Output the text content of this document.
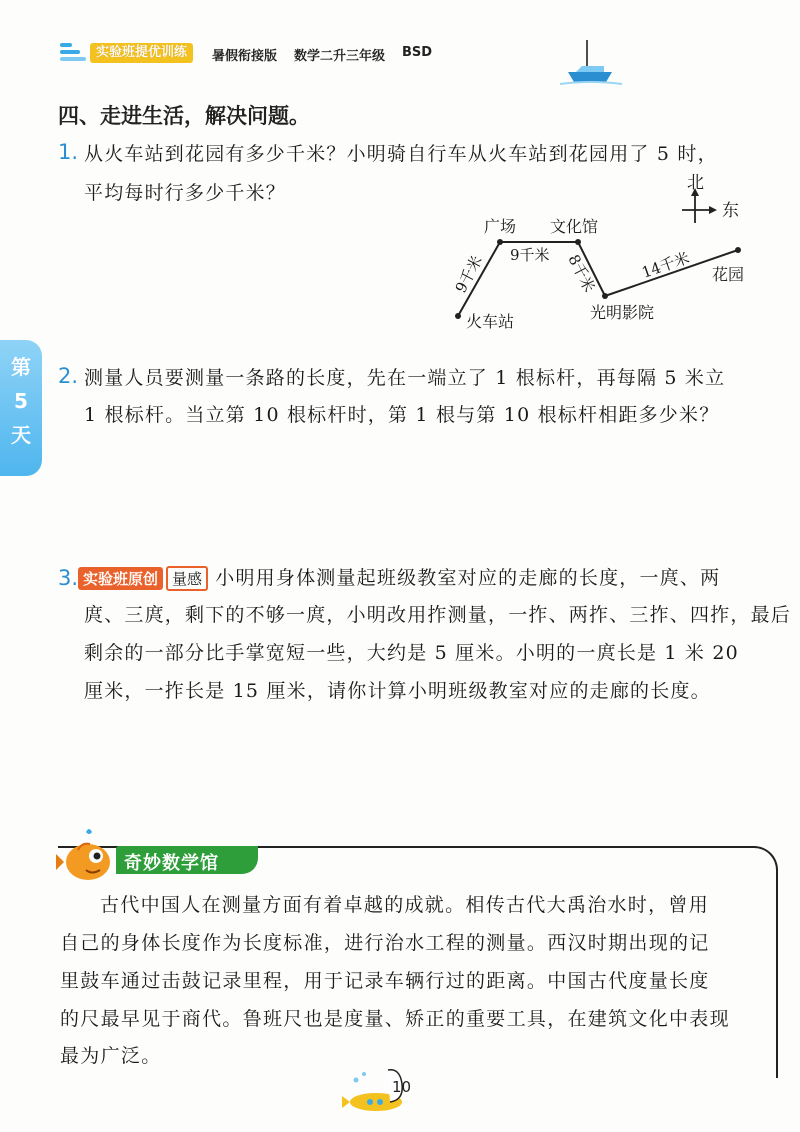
实验班提优训练	暑假衔接版 数学二升三年级 BSD
第5天
四、走进生活，解决问题。
1. 从火车站到花园有多少千米？小明骑自行车从火车站到花园用了 5 时，
平均每时行多少千米？	北
东
广场 文化馆
火车站	光明影院
花园
9千米 9千米 8千米	14千米
2. 测量人员要测量一条路的长度，先在一端立了 1 根标杆，再每隔 5 米立
1 根标杆。当立第 10 根标杆时，第 1 根与第 10 根标杆相距多少米？
3. 实验班原创 量感 小明用身体测量起班级教室对应的走廊的长度，一庹、两
庹、三庹，剩下的不够一庹，小明改用拃测量，一拃、两拃、三拃、四拃，最后
剩余的一部分比手掌宽短一些，大约是 5 厘米。小明的一庹长是 1 米 20
厘米，一拃长是 15 厘米，请你计算小明班级教室对应的走廊的长度。
奇妙数学馆
古代中国人在测量方面有着卓越的成就。相传古代大禹治水时，曾用
自己的身体长度作为长度标准，进行治水工程的测量。西汉时期出现的记
里鼓车通过击鼓记录里程，用于记录车辆行过的距离。中国古代度量长度
的尺最早见于商代。鲁班尺也是度量、矫正的重要工具，在建筑文化中表现
最为广泛。
10
